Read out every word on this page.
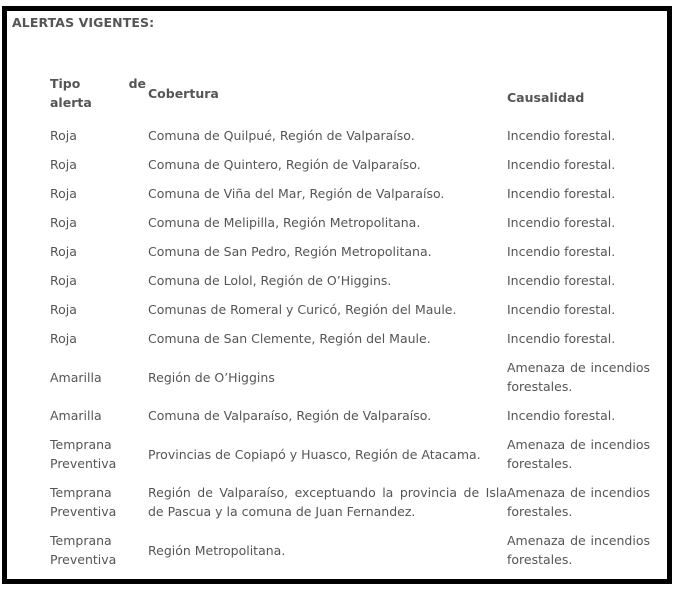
ALERTAS VIGENTES:
Tipo de alerta	Cobertura	Causalidad
Roja	Comuna de Quilpué, Región de Valparaíso.	Incendio forestal.
Roja	Comuna de Quintero, Región de Valparaíso.	Incendio forestal.
Roja	Comuna de Viña del Mar, Región de Valparaíso.	Incendio forestal.
Roja	Comuna de Melipilla, Región Metropolitana.	Incendio forestal.
Roja	Comuna de San Pedro, Región Metropolitana.	Incendio forestal.
Roja	Comuna de Lolol, Región de O’Higgins.	Incendio forestal.
Roja	Comunas de Romeral y Curicó, Región del Maule.	Incendio forestal.
Roja	Comuna de San Clemente, Región del Maule.	Incendio forestal.
Amarilla	Región de O’Higgins	Amenaza de incendios forestales.
Amarilla	Comuna de Valparaíso, Región de Valparaíso.	Incendio forestal.
Temprana Preventiva	Provincias de Copiapó y Huasco, Región de Atacama.	Amenaza de incendios forestales.
Temprana Preventiva	Región de Valparaíso, exceptuando la provincia de Isla de Pascua y la comuna de Juan Fernandez.	Amenaza de incendios forestales.
Temprana Preventiva	Región Metropolitana.	Amenaza de incendios forestales.
